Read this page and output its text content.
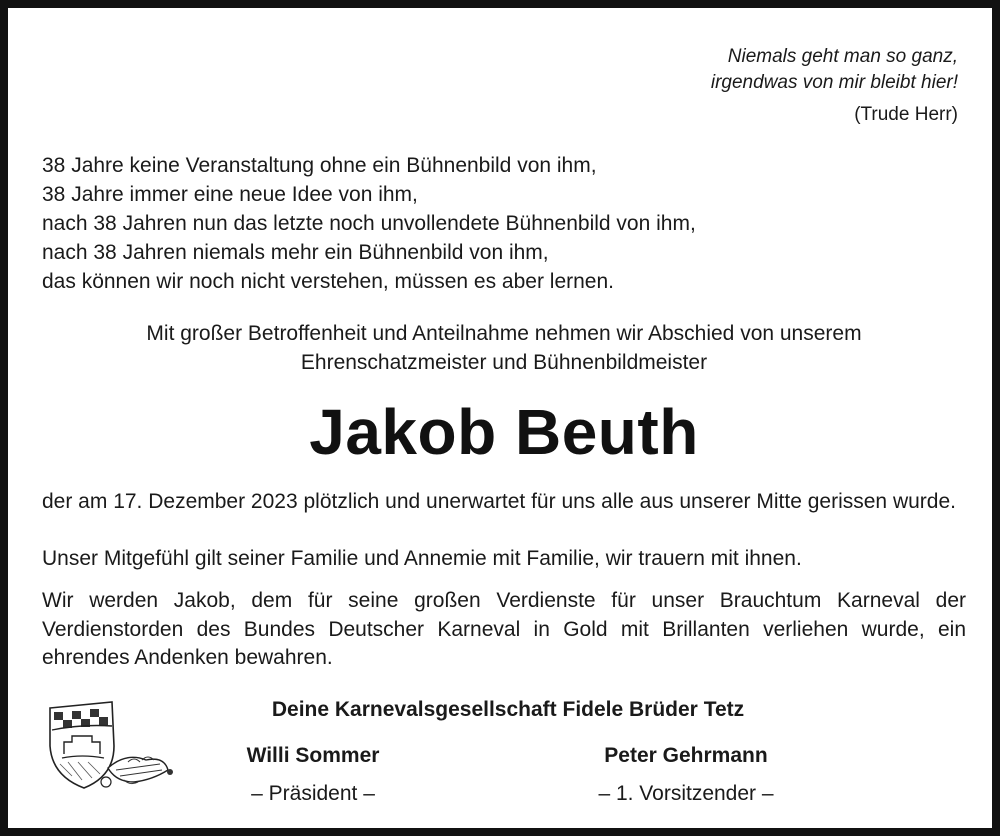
Niemals geht man so ganz,
irgendwas von mir bleibt hier!
(Trude Herr)
38 Jahre keine Veranstaltung ohne ein Bühnenbild von ihm,
38 Jahre immer eine neue Idee von ihm,
nach 38 Jahren nun das letzte noch unvollendete Bühnenbild von ihm,
nach 38 Jahren niemals mehr ein Bühnenbild von ihm,
das können wir noch nicht verstehen, müssen es aber lernen.
Mit großer Betroffenheit und Anteilnahme nehmen wir Abschied von unserem
Ehrenschatzmeister und Bühnenbildmeister
Jakob Beuth
der am 17. Dezember 2023 plötzlich und unerwartet für uns alle aus unserer Mitte gerissen wurde.
Unser Mitgefühl gilt seiner Familie und Annemie mit Familie, wir trauern mit ihnen.
Wir werden Jakob, dem für seine großen Verdienste für unser Brauchtum Karneval der Verdienstorden des Bundes Deutscher Karneval in Gold mit Brillanten verliehen wurde, ein ehrendes Andenken bewahren.
Deine Karnevalsgesellschaft Fidele Brüder Tetz
Willi Sommer
– Präsident –
Peter Gehrmann
– 1. Vorsitzender –
